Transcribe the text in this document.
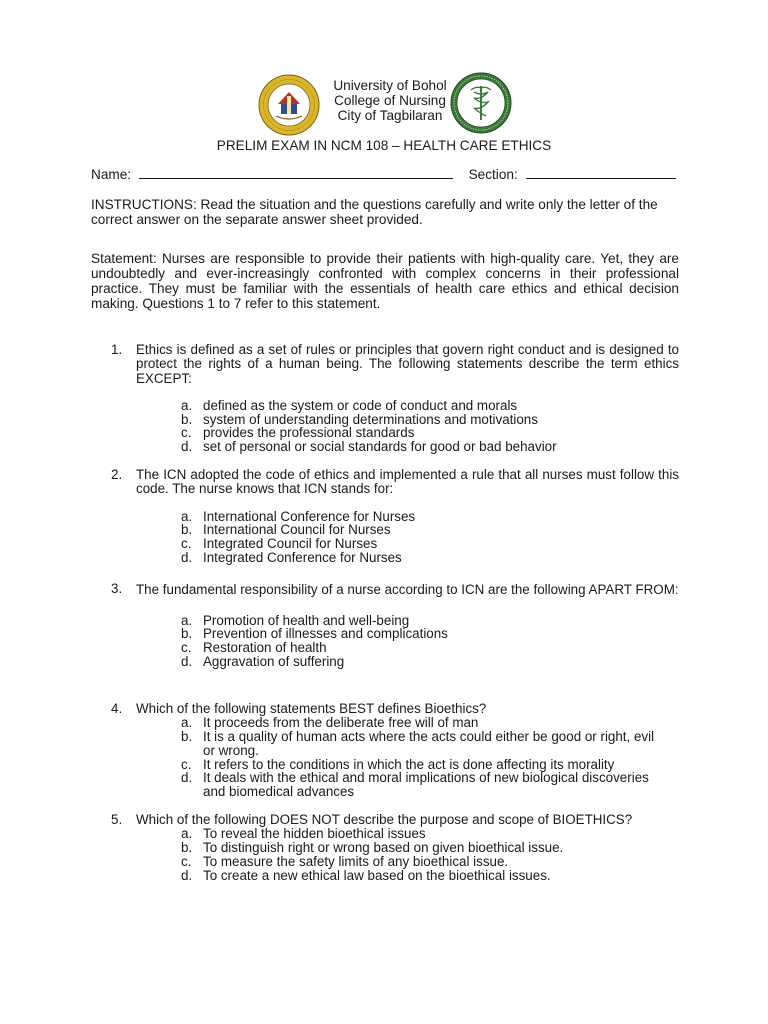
University of Bohol
College of Nursing
City of Tagbilaran
PRELIM EXAM IN NCM 108 – HEALTH CARE ETHICS
Name:	Section:
INSTRUCTIONS: Read the situation and the questions carefully and write only the letter of the correct answer on the separate answer sheet provided.
Statement: Nurses are responsible to provide their patients with high-quality care. Yet, they are undoubtedly and ever-increasingly confronted with complex concerns in their professional practice. They must be familiar with the essentials of health care ethics and ethical decision making. Questions 1 to 7 refer to this statement.
1. Ethics is defined as a set of rules or principles that govern right conduct and is designed to protect the rights of a human being. The following statements describe the term ethics EXCEPT:
a. defined as the system or code of conduct and morals
b. system of understanding determinations and motivations
c. provides the professional standards
d. set of personal or social standards for good or bad behavior
2. The ICN adopted the code of ethics and implemented a rule that all nurses must follow this code. The nurse knows that ICN stands for:
a. International Conference for Nurses
b. International Council for Nurses
c. Integrated Council for Nurses
d. Integrated Conference for Nurses
3. The fundamental responsibility of a nurse according to ICN are the following APART FROM:
a. Promotion of health and well-being
b. Prevention of illnesses and complications
c. Restoration of health
d. Aggravation of suffering
4. Which of the following statements BEST defines Bioethics?
a. It proceeds from the deliberate free will of man
b. It is a quality of human acts where the acts could either be good or right, evil or wrong.
c. It refers to the conditions in which the act is done affecting its morality
d. It deals with the ethical and moral implications of new biological discoveries and biomedical advances
5. Which of the following DOES NOT describe the purpose and scope of BIOETHICS?
a. To reveal the hidden bioethical issues
b. To distinguish right or wrong based on given bioethical issue.
c. To measure the safety limits of any bioethical issue.
d. To create a new ethical law based on the bioethical issues.
